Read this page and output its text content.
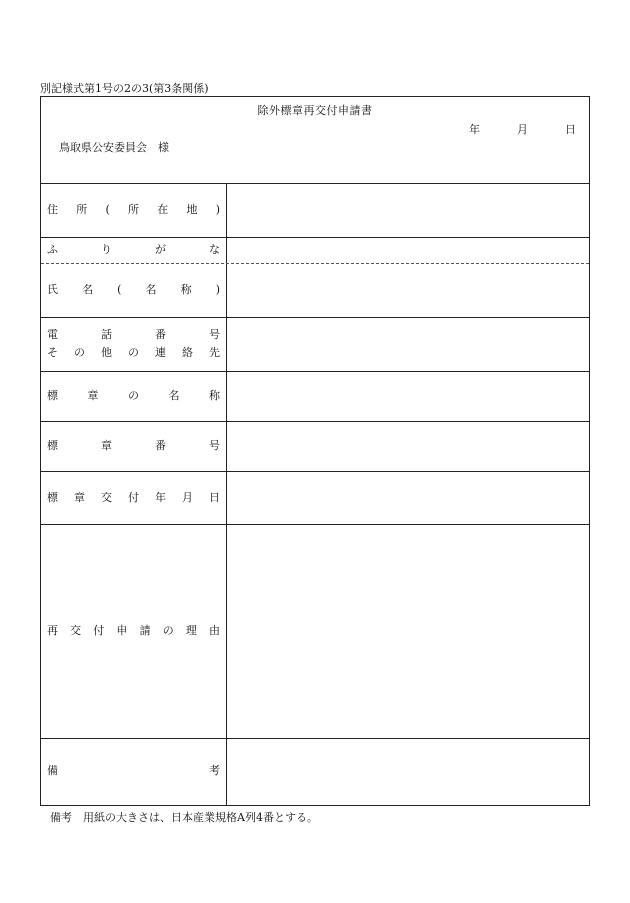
別記様式第1号の2の3(第3条関係)
除外標章再交付申請書
年	月	日
鳥取県公安委員会　様
住 所 ( 所 在 地 )
ふ	り	が	な
氏 名 ( 名 称 )
電	話	番	号
そ の 他 の 連 絡 先
標	章	の	名	称
標	章	番	号
標 章 交 付 年 月 日
再 交 付 申 請 の 理 由
備	考
備考　用紙の大きさは、日本産業規格A列4番とする。
